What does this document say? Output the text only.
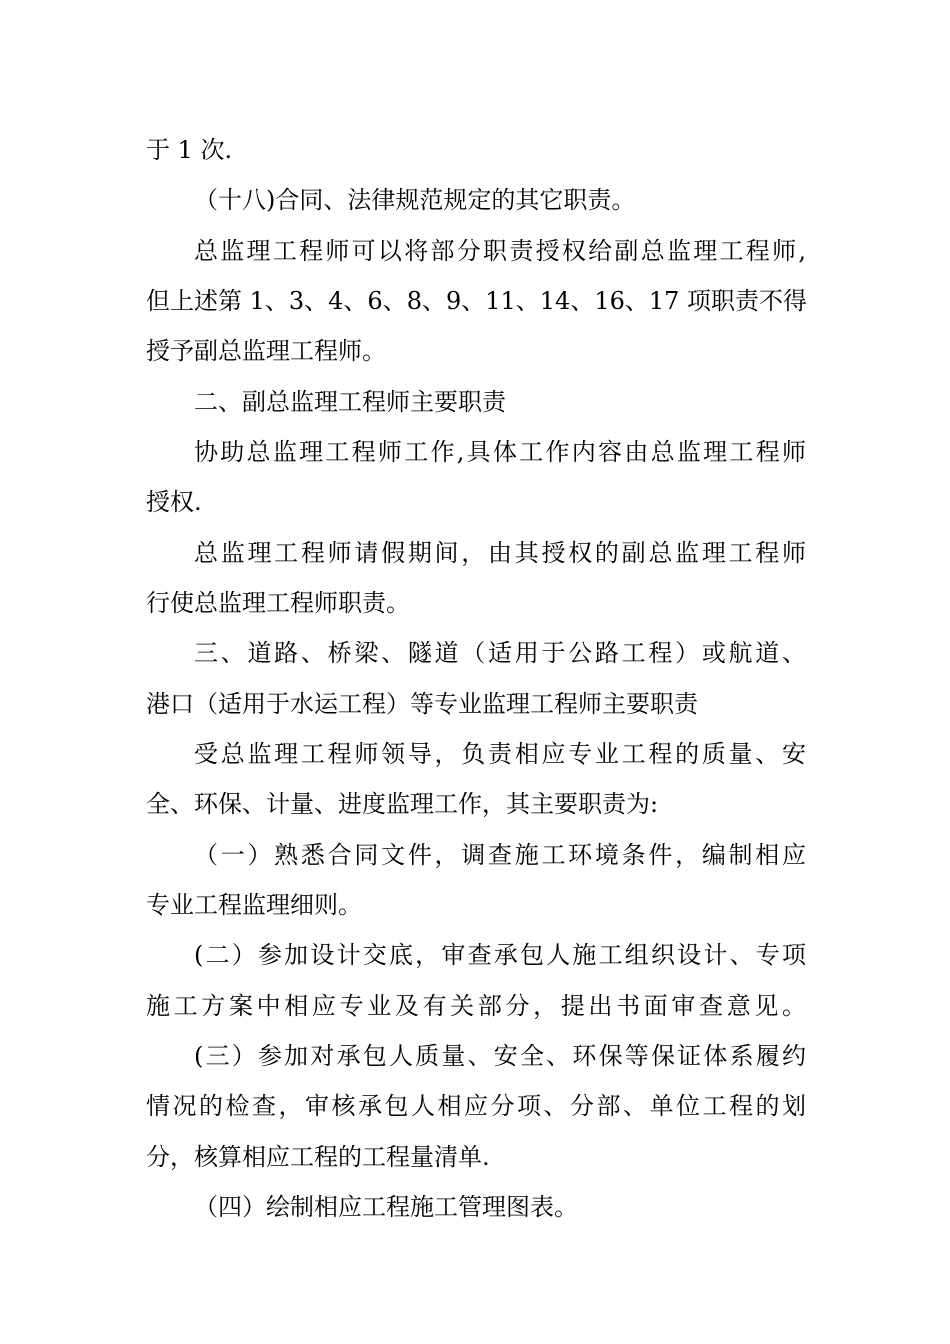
于 1 次.
（十八)合同、法律规范规定的其它职责。
总监理工程师可以将部分职责授权给副总监理工程师,
但上述第 1、3、4、6、8、9、11、14、16、17 项职责不得
授予副总监理工程师。
二、副总监理工程师主要职责
协助总监理工程师工作,具体工作内容由总监理工程师
授权.
总监理工程师请假期间，由其授权的副总监理工程师
行使总监理工程师职责。
三、道路、桥梁、隧道（适用于公路工程）或航道、
港口（适用于水运工程）等专业监理工程师主要职责
受总监理工程师领导，负责相应专业工程的质量、安
全、环保、计量、进度监理工作，其主要职责为:
（一）熟悉合同文件，调查施工环境条件，编制相应
专业工程监理细则。
(二）参加设计交底，审查承包人施工组织设计、专项
施工方案中相应专业及有关部分，提出书面审查意见。
(三）参加对承包人质量、安全、环保等保证体系履约
情况的检查，审核承包人相应分项、分部、单位工程的划
分，核算相应工程的工程量清单.
（四）绘制相应工程施工管理图表。
